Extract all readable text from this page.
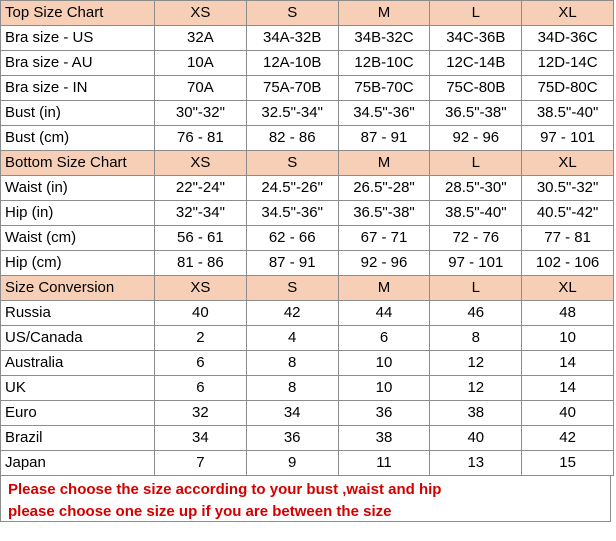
Top Size Chart	XS	S	M	L	XL
Bra size - US	32A	34A-32B	34B-32C	34C-36B	34D-36C
Bra size - AU	10A	12A-10B	12B-10C	12C-14B	12D-14C
Bra size - IN	70A	75A-70B	75B-70C	75C-80B	75D-80C
Bust (in)	30"-32"	32.5"-34"	34.5"-36"	36.5"-38"	38.5"-40"
Bust (cm)	76 - 81	82 - 86	87 - 91	92 - 96	97 - 101
Bottom Size Chart	XS	S	M	L	XL
Waist (in)	22"-24"	24.5"-26"	26.5"-28"	28.5"-30"	30.5"-32"
Hip (in)	32"-34"	34.5"-36"	36.5"-38"	38.5"-40"	40.5"-42"
Waist (cm)	56 - 61	62 - 66	67 - 71	72 - 76	77 - 81
Hip (cm)	81 - 86	87 - 91	92 - 96	97 - 101	102 - 106
Size Conversion	XS	S	M	L	XL
Russia	40	42	44	46	48
US/Canada	2	4	6	8	10
Australia	6	8	10	12	14
UK	6	8	10	12	14
Euro	32	34	36	38	40
Brazil	34	36	38	40	42
Japan	7	9	11	13	15
Please choose the size according to your bust ,waist and hip
please choose one size up if you are between the size
